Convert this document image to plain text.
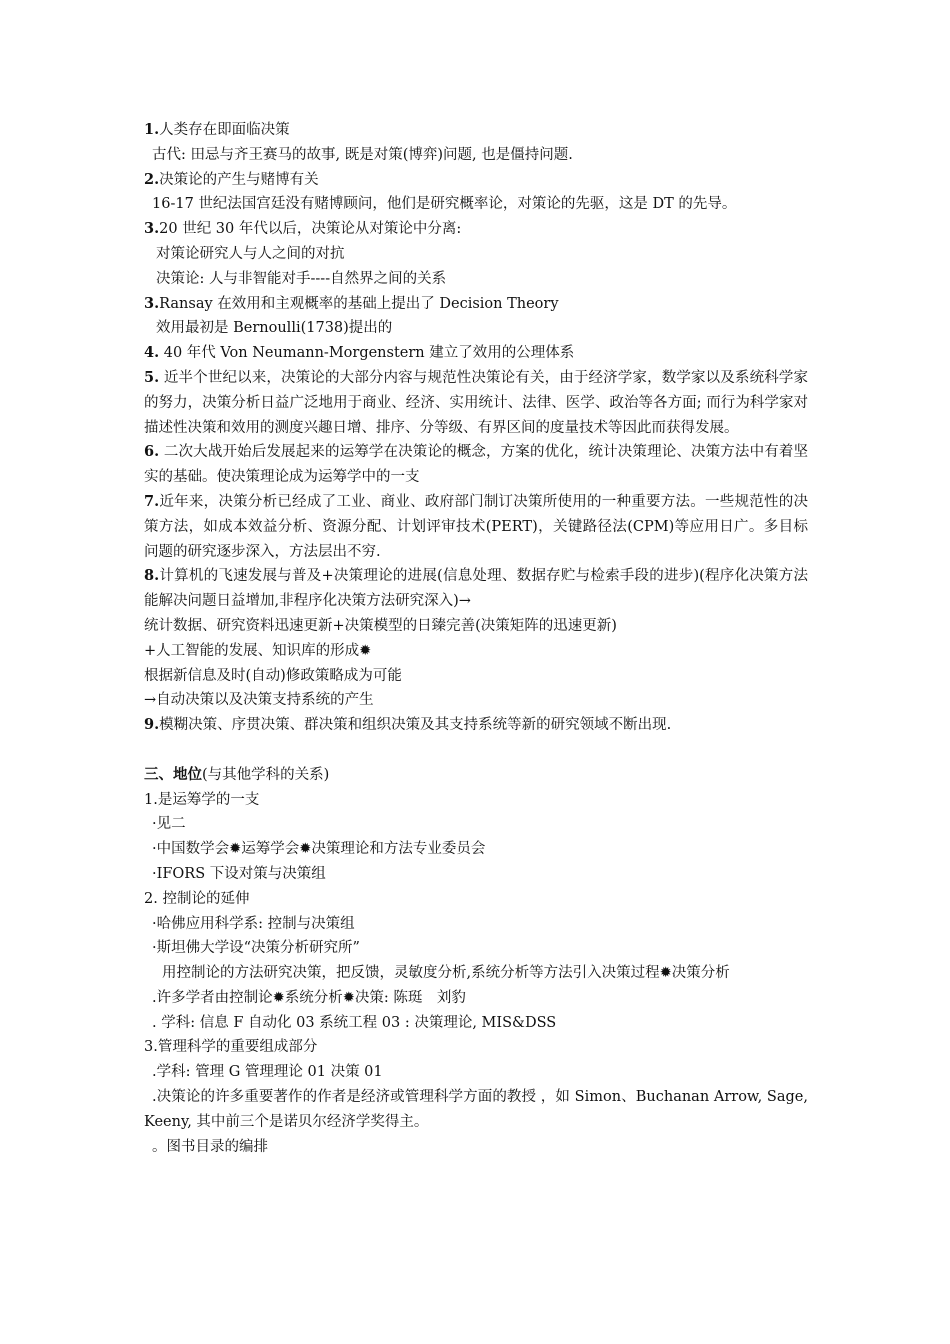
1.人类存在即面临决策
古代: 田忌与齐王赛马的故事, 既是对策(博弈)问题, 也是僵持问题.
2.决策论的产生与赌博有关
16-17 世纪法国宫廷没有赌博顾问，他们是研究概率论，对策论的先驱，这是 DT 的先导。
3.20 世纪 30 年代以后，决策论从对策论中分离:
对策论研究人与人之间的对抗
决策论: 人与非智能对手----自然界之间的关系
3.Ransay 在效用和主观概率的基础上提出了 Decision Theory
效用最初是 Bernoulli(1738)提出的
4. 40 年代 Von Neumann-Morgenstern 建立了效用的公理体系
5. 近半个世纪以来，决策论的大部分内容与规范性决策论有关，由于经济学家，数学家以及系统科学家的努力，决策分析日益广泛地用于商业、经济、实用统计、法律、医学、政治等各方面; 而行为科学家对描述性决策和效用的测度兴趣日增、排序、分等级、有界区间的度量技术等因此而获得发展。
6. 二次大战开始后发展起来的运筹学在决策论的概念，方案的优化，统计决策理论、决策方法中有着坚实的基础。使决策理论成为运筹学中的一支
7.近年来，决策分析已经成了工业、商业、政府部门制订决策所使用的一种重要方法。一些规范性的决策方法，如成本效益分析、资源分配、计划评审技术(PERT)，关键路径法(CPM)等应用日广。多目标问题的研究逐步深入，方法层出不穷.
8.计算机的飞速发展与普及+决策理论的进展(信息处理、数据存贮与检索手段的进步)(程序化决策方法能解决问题日益增加,非程序化决策方法研究深入)→
统计数据、研究资料迅速更新+决策模型的日臻完善(决策矩阵的迅速更新)
+人工智能的发展、知识库的形成✹
根据新信息及时(自动)修政策略成为可能
→自动决策以及决策支持系统的产生
9.模糊决策、序贯决策、群决策和组织决策及其支持系统等新的研究领域不断出现.
三、地位(与其他学科的关系)
1.是运筹学的一支
·见二
·中国数学会✹运筹学会✹决策理论和方法专业委员会
·IFORS 下设对策与决策组
2. 控制论的延伸
·哈佛应用科学系: 控制与决策组
·斯坦佛大学设“决策分析研究所”
用控制论的方法研究决策，把反馈，灵敏度分析,系统分析等方法引入决策过程✹决策分析
.许多学者由控制论✹系统分析✹决策: 陈珽　刘豹
. 学科: 信息 F 自动化 03 系统工程 03 : 决策理论, MIS&DSS
3.管理科学的重要组成部分
.学科: 管理 G 管理理论 01 决策 01
.决策论的许多重要著作的作者是经济或管理科学方面的教授 ，如 Simon、Buchanan Arrow, Sage, Keeny, 其中前三个是诺贝尔经济学奖得主。
。图书目录的编排
